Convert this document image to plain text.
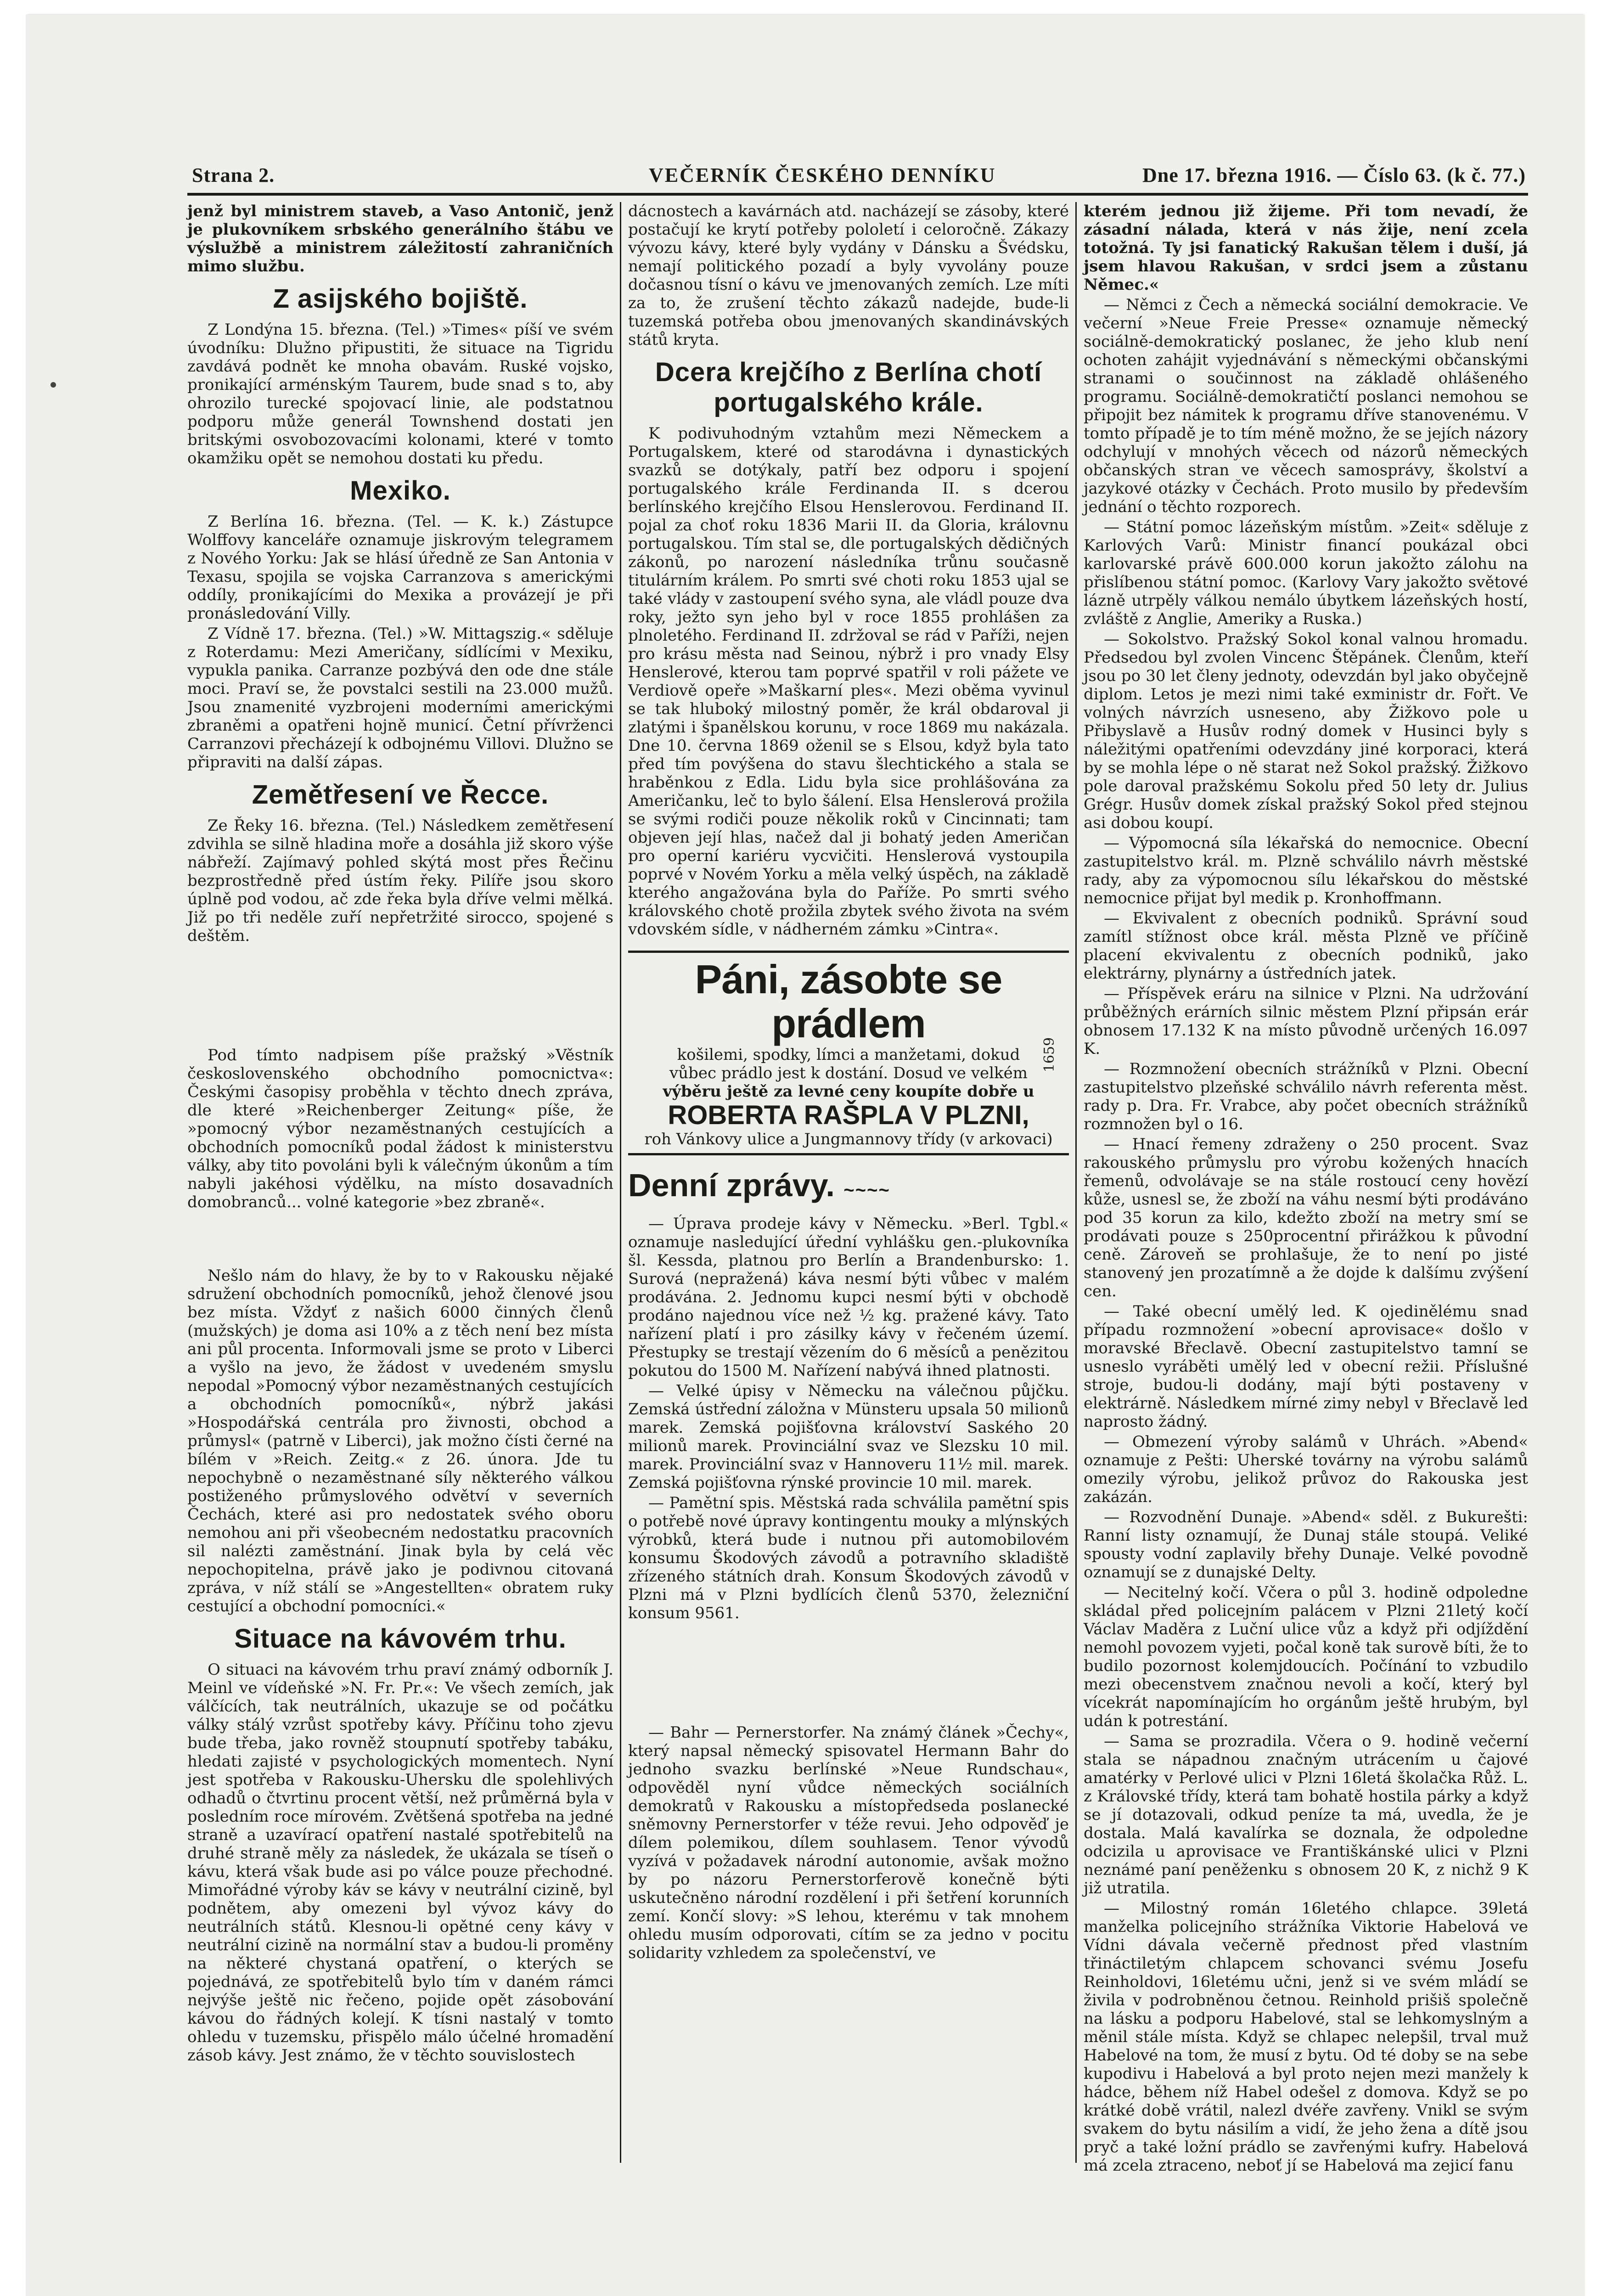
Strana 2.	VEČERNÍK ČESKÉHO DENNÍKU	Dne 17. března 1916. — Číslo 63. (k č. 77.)

jenž byl ministrem staveb, a Vaso Antonič, jenž je plukovníkem srbského generálního štábu ve výslužbě a ministrem záležitostí zahraničních mimo službu.

Z asijského bojiště.

Z Londýna 15. března. (Tel.) »Times« píší ve svém úvodníku: Dlužno připustiti, že situace na Tigridu zavdává podnět ke mnoha obavám. Ruské vojsko, pronikající arménským Taurem, bude snad s to, aby ohrozilo turecké spojovací linie, ale podstatnou podporu může generál Townshend dostati jen britskými osvobozovacími kolonami, které v tomto okamžiku opět se nemohou dostati ku předu.

Mexiko.

Z Berlína 16. března. (Tel. — K. k.) Zástupce Wolffovy kanceláře oznamuje jiskrovým telegramem z Nového Yorku: Jak se hlásí úředně ze San Antonia v Texasu, spojila se vojska Carranzova s americkými oddíly, pronikajícími do Mexika a provázejí je při pronásledování Villy.

Z Vídně 17. března. (Tel.) »W. Mittagszig.« sděluje z Roterdamu: Mezi Američany, sídlícími v Mexiku, vypukla panika. Carranze pozbývá den ode dne stále moci. Praví se, že povstalci sestili na 23.000 mužů. Jsou znamenité vyzbrojeni moderními americkými zbraněmi a opatřeni hojně municí. Četní přívrženci Carranzovi přecházejí k odbojnému Villovi. Dlužno se připraviti na další zápas.

Zemětřesení ve Řecce.

Ze Řeky 16. března. (Tel.) Následkem zemětřesení zdvihla se silně hladina moře a dosáhla již skoro výše nábřeží. Zajímavý pohled skýtá most přes Řečinu bezprostředně před ústím řeky. Pilíře jsou skoro úplně pod vodou, ač zde řeka byla dříve velmi mělká. Již po tři neděle zuří nepřetržité sirocco, spojené s deštěm.

Pod tímto nadpisem píše pražský »Věstník československého obchodního pomocnictva«: Českými časopisy proběhla v těchto dnech zpráva, dle které »Reichenberger Zeitung« píše, že »pomocný výbor nezaměstnaných cestujících a obchodních pomocníků podal žádost k ministerstvu války, aby tito povoláni byli k válečným úkonům a tím nabyli jakéhosi výdělku, na místo dosavadních domobranců... volné kategorie »bez zbraně«.

Nešlo nám do hlavy, že by to v Rakousku nějaké sdružení obchodních pomocníků, jehož členové jsou bez místa. Vždyť z našich 6000 činných členů (mužských) je doma asi 10% a z těch není bez místa ani půl procenta. Informovali jsme se proto v Liberci a vyšlo na jevo, že žádost v uvedeném smyslu nepodal »Pomocný výbor nezaměstnaných cestujících a obchodních pomocníků«, nýbrž jakási »Hospodářská centrála pro živnosti, obchod a průmysl« (patrně v Liberci), jak možno čísti černé na bílém v »Reich. Zeitg.« z 26. února. Jde tu nepochybně o nezaměstnané síly některého válkou postiženého průmyslového odvětví v severních Čechách, které asi pro nedostatek svého oboru nemohou ani při všeobecném nedostatku pracovních sil nalézti zaměstnání. Jinak byla by celá věc nepochopitelna, právě jako je podivnou citovaná zpráva, v níž stálí se »Angestellten« obratem ruky cestující a obchodní pomocníci.«

Situace na kávovém trhu.

O situaci na kávovém trhu praví známý odborník J. Meinl ve vídeňské »N. Fr. Pr.«: Ve všech zemích, jak válčících, tak neutrálních, ukazuje se od počátku války stálý vzrůst spotřeby kávy. Příčinu toho zjevu bude třeba, jako rovněž stoupnutí spotřeby tabáku, hledati zajisté v psychologických momentech. Nyní jest spotřeba v Rakousku-Uhersku dle spolehlivých odhadů o čtvrtinu procent větší, než průměrná byla v posledním roce mírovém. Zvětšená spotřeba na jedné straně a uzavírací opatření nastalé spotřebitelů na druhé straně měly za následek, že ukázala se tíseň o kávu, která však bude asi po válce pouze přechodné. Mimořádné výroby káv se kávy v neutrální cizině, byl podnětem, aby omezeni byl vývoz kávy do neutrálních států. Klesnou-li opětné ceny kávy v neutrální cizině na normální stav a budou-li proměny na některé chystaná opatření, o kterých se pojednává, ze spotřebitelů bylo tím v daném rámci nejvýše ještě nic řečeno, pojide opět zásobování kávou do řádných kolejí. K tísni nastalý v tomto ohledu v tuzemsku, přispělo málo účelné hromadění zásob kávy. Jest známo, že v těchto souvislostech

dácnostech a kavárnách atd. nacházejí se zásoby, které postačují ke krytí potřeby pololetí i celoročně. Zákazy vývozu kávy, které byly vydány v Dánsku a Švédsku, nemají politického pozadí a byly vyvolány pouze dočasnou tísní o kávu ve jmenovaných zemích. Lze míti za to, že zrušení těchto zákazů nadejde, bude-li tuzemská potřeba obou jmenovaných skandinávských států kryta.

Dcera krejčího z Berlína chotí portugalského krále.

K podivuhodným vztahům mezi Německem a Portugalskem, které od starodávna i dynastických svazků se dotýkaly, patří bez odporu i spojení portugalského krále Ferdinanda II. s dcerou berlínského krejčího Elsou Henslerovou. Ferdinand II. pojal za choť roku 1836 Marii II. da Gloria, královnu portugalskou. Tím stal se, dle portugalských dědičných zákonů, po narození následníka trůnu současně titulárním králem. Po smrti své choti roku 1853 ujal se také vlády v zastoupení svého syna, ale vládl pouze dva roky, ježto syn jeho byl v roce 1855 prohlášen za plnoletého. Ferdinand II. zdržoval se rád v Paříži, nejen pro krásu města nad Seinou, nýbrž i pro vnady Elsy Henslerové, kterou tam poprvé spatřil v roli pážete ve Verdiově opeře »Maškarní ples«. Mezi oběma vyvinul se tak hluboký milostný poměr, že král obdaroval ji zlatými i španělskou korunu, v roce 1869 mu nakázala. Dne 10. června 1869 oženil se s Elsou, když byla tato před tím povýšena do stavu šlechtického a stala se hraběnkou z Edla. Lidu byla sice prohlášována za Američanku, leč to bylo šálení. Elsa Henslerová prožila se svými rodiči pouze několik roků v Cincinnati; tam objeven její hlas, načež dal ji bohatý jeden Američan pro operní kariéru vycvičiti. Henslerová vystoupila poprvé v Novém Yorku a měla velký úspěch, na základě kterého angažována byla do Paříže. Po smrti svého královského chotě prožila zbytek svého života na svém vdovském sídle, v nádherném zámku »Cintra«.

Páni, zásobte se prádlem
1659
košilemi, spodky, límci a manžetami, dokud
vůbec prádlo jest k dostání. Dosud ve velkém
výběru ještě za levné ceny koupíte dobře u
ROBERTA RAŠPLA V PLZNI,
roh Vánkovy ulice a Jungmannovy třídy (v arkovaci)
Denní zprávy. ~~~~

— Úprava prodeje kávy v Německu. »Berl. Tgbl.« oznamuje nasledující úřední vyhlášku gen.-plukovníka šl. Kessda, platnou pro Berlín a Brandenbursko: 1. Surová (nepražená) káva nesmí býti vůbec v malém prodávána. 2. Jednomu kupci nesmí býti v obchodě prodáno najednou více než ½ kg. pražené kávy. Tato nařízení platí i pro zásilky kávy v řečeném území. Přestupky se trestají vězením do 6 měsíců a penězitou pokutou do 1500 M. Nařízení nabývá ihned platnosti.

— Velké úpisy v Německu na válečnou půjčku. Zemská ústřední záložna v Münsteru upsala 50 milionů marek. Zemská pojišťovna království Saského 20 milionů marek. Provinciální svaz ve Slezsku 10 mil. marek. Provinciální svaz v Hannoveru 11½ mil. marek. Zemská pojišťovna rýnské provincie 10 mil. marek.

— Pamětní spis. Městská rada schválila pamětní spis o potřebě nové úpravy kontingentu mouky a mlýnských výrobků, která bude i nutnou při automobilovém konsumu Škodových závodů a potravního skladiště zřízeného státních drah. Konsum Škodových závodů v Plzni má v Plzni bydlících členů 5370, železniční konsum 9561.

— Bahr — Pernerstorfer. Na známý článek »Čechy«, který napsal německý spisovatel Hermann Bahr do jednoho svazku berlínské »Neue Rundschau«, odpověděl nyní vůdce německých sociálních demokratů v Rakousku a místopředseda poslanecké sněmovny Pernerstorfer v téže revui. Jeho odpověď je dílem polemikou, dílem souhlasem. Tenor vývodů vyzívá v požadavek národní autonomie, avšak možno by po názoru Pernerstorferově konečně býti uskutečněno národní rozdělení i při šetření korunních zemí. Končí slovy: »S lehou, kterému v tak mnohem ohledu musím odporovati, cítím se za jedno v pocitu solidarity vzhledem za společenství, ve

kterém jednou již žijeme. Při tom nevadí, že zásadní nálada, která v nás žije, není zcela totožná. Ty jsi fanatický Rakušan tělem i duší, já jsem hlavou Rakušan, v srdci jsem a zůstanu Němec.«

— Němci z Čech a německá sociální demokracie. Ve večerní »Neue Freie Presse« oznamuje německý sociálně-demokratický poslanec, že jeho klub není ochoten zahájit vyjednávání s německými občanskými stranami o součinnost na základě ohlášeného programu. Sociálně-demokratičtí poslanci nemohou se připojit bez námitek k programu dříve stanovenému. V tomto případě je to tím méně možno, že se jejích názory odchylují v mnohých věcech od názorů německých občanských stran ve věcech samosprávy, školství a jazykové otázky v Čechách. Proto musilo by především jednání o těchto rozporech.

— Státní pomoc lázeňským místům. »Zeit« sděluje z Karlových Varů: Ministr financí poukázal obci karlovarské právě 600.000 korun jakožto zálohu na přislíbenou státní pomoc. (Karlovy Vary jakožto světové lázně utrpěly válkou nemálo úbytkem lázeňských hostí, zvláště z Anglie, Ameriky a Ruska.)

— Sokolstvo. Pražský Sokol konal valnou hromadu. Předsedou byl zvolen Vincenc Štěpánek. Členům, kteří jsou po 30 let členy jednoty, odevzdán byl jako obyčejně diplom. Letos je mezi nimi také exministr dr. Fořt. Ve volných návrzích usneseno, aby Žižkovo pole u Přibyslavě a Husův rodný domek v Husinci byly s náležitými opatřeními odevzdány jiné korporaci, která by se mohla lépe o ně starat než Sokol pražský. Žižkovo pole daroval pražskému Sokolu před 50 lety dr. Julius Grégr. Husův domek získal pražský Sokol před stejnou asi dobou koupí.

— Výpomocná síla lékařská do nemocnice. Obecní zastupitelstvo král. m. Plzně schválilo návrh městské rady, aby za výpomocnou sílu lékařskou do městské nemocnice přijat byl medik p. Kronhoffmann.

— Ekvivalent z obecních podniků. Správní soud zamítl stížnost obce král. města Plzně ve příčině placení ekvivalentu z obecních podniků, jako elektrárny, plynárny a ústředních jatek.

— Příspěvek eráru na silnice v Plzni. Na udržování průběžných erárních silnic městem Plzní připsán erár obnosem 17.132 K na místo původně určených 16.097 K.

— Rozmnožení obecních strážníků v Plzni. Obecní zastupitelstvo plzeňské schválilo návrh referenta měst. rady p. Dra. Fr. Vrabce, aby počet obecních strážníků rozmnožen byl o 16.

— Hnací řemeny zdraženy o 250 procent. Svaz rakouského průmyslu pro výrobu kožených hnacích řemenů, odvolávaje se na stále rostoucí ceny hovězí kůže, usnesl se, že zboží na váhu nesmí býti prodáváno pod 35 korun za kilo, kdežto zboží na metry smí se prodávati pouze s 250procentní přirážkou k původní ceně. Zároveň se prohlašuje, že to není po jisté stanovený jen prozatímně a že dojde k dalšímu zvýšení cen.

— Také obecní umělý led. K ojedinělému snad případu rozmnožení »obecní aprovisace« došlo v moravské Břeclavě. Obecní zastupitelstvo tamní se usneslo vyráběti umělý led v obecní režii. Příslušné stroje, budou-li dodány, mají býti postaveny v elektrárně. Následkem mírné zimy nebyl v Břeclavě led naprosto žádný.

— Obmezení výroby salámů v Uhrách. »Abend« oznamuje z Pešti: Uherské továrny na výrobu salámů omezily výrobu, jelikož průvoz do Rakouska jest zakázán.

— Rozvodnění Dunaje. »Abend« sděl. z Bukurešti: Ranní listy oznamují, že Dunaj stále stoupá. Veliké spousty vodní zaplavily břehy Dunaje. Velké povodně oznamují se z dunajské Delty.

— Necitelný kočí. Včera o půl 3. hodině odpoledne skládal před policejním palácem v Plzni 21letý kočí Václav Maděra z Luční ulice vůz a když při odjíždění nemohl povozem vyjeti, počal koně tak surově bíti, že to budilo pozornost kolemjdoucích. Počínání to vzbudilo mezi obecenstvem značnou nevoli a kočí, který byl vícekrát napomínajícím ho orgánům ještě hrubým, byl udán k potrestání.

— Sama se prozradila. Včera o 9. hodině večerní stala se nápadnou značným utrácením u čajové amatérky v Perlové ulici v Plzni 16letá školačka Růž. L. z Královské třídy, která tam bohatě hostila párky a když se jí dotazovali, odkud peníze ta má, uvedla, že je dostala. Malá kavalírka se doznala, že odpoledne odcizila u aprovisace ve Františkánské ulici v Plzni neznámé paní peněženku s obnosem 20 K, z nichž 9 K již utratila.

— Milostný román 16letého chlapce. 39letá manželka policejního strážníka Viktorie Habelová ve Vídni dávala večerně přednost před vlastním třináctiletým chlapcem schovanci svému Josefu Reinholdovi, 16letému učni, jenž si ve svém mládí se živila v podrobněnou četnou. Reinhold prišiš společně na lásku a podporu Habelové, stal se lehkomyslným a měnil stále místa. Když se chlapec nelepšil, trval muž Habelové na tom, že musí z bytu. Od té doby se na sebe kupodivu i Habelová a byl proto nejen mezi manžely k hádce, během níž Habel odešel z domova. Když se po krátké době vrátil, nalezl dvéře zavřeny. Vnikl se svým svakem do bytu násilím a vidí, že jeho žena a dítě jsou pryč a také ložní prádlo se zavřenými kufry. Habelová má zcela ztraceno, neboť jí se Habelová ma zejicí fanu
